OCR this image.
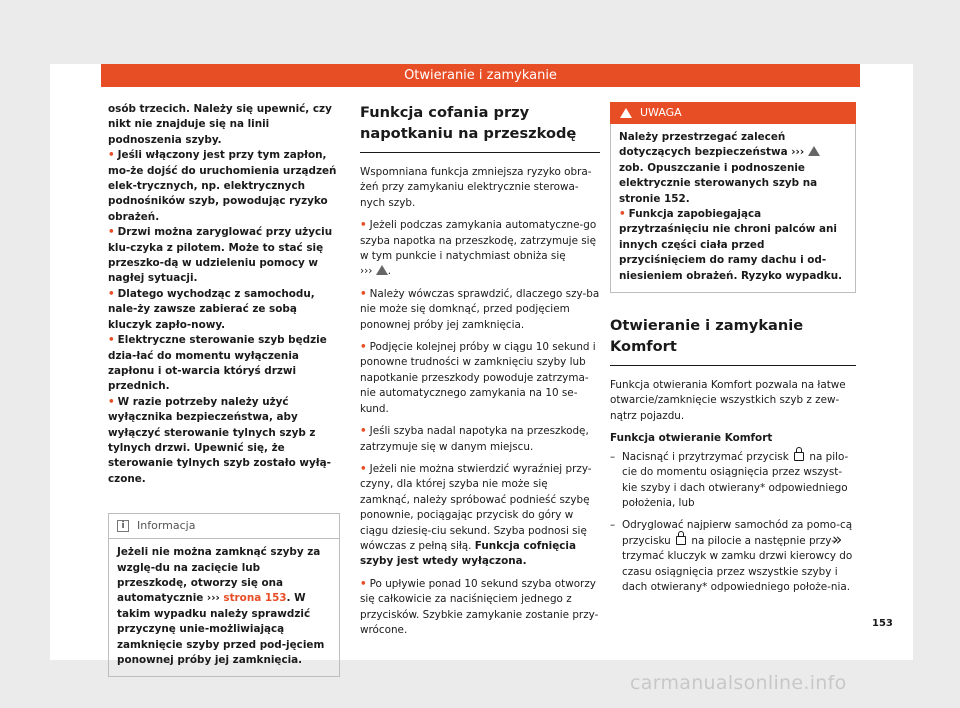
Otwieranie i zamykanie

osób trzecich. Należy się upewnić, czy nikt nie znajduje się na linii podnoszenia szyby.

• Jeśli włączony jest przy tym zapłon, mo-że dojść do uruchomienia urządzeń elek-trycznych, np. elektrycznych podnośników szyb, powodując ryzyko obrażeń.

• Drzwi można zaryglować przy użyciu klu-czyka z pilotem. Może to stać się przeszko-dą w udzieleniu pomocy w nagłej sytuacji.

• Dlatego wychodząc z samochodu, nale-ży zawsze zabierać ze sobą kluczyk zapło-nowy.

• Elektryczne sterowanie szyb będzie dzia-łać do momentu wyłączenia zapłonu i ot-warcia któryś drzwi przednich.

• W razie potrzeby należy użyć wyłącznika bezpieczeństwa, aby wyłączyć sterowanie tylnych szyb z tylnych drzwi. Upewnić się, że sterowanie tylnych szyb zostało wyłą-czone.

i	Informacja
Jeżeli nie można zamknąć szyby za wzglę-du na zacięcie lub przeszkodę, otworzy się ona automatycznie ››› strona 153. W takim wypadku należy sprawdzić przyczynę unie-możliwiającą zamknięcie szyby przed pod-jęciem ponownej próby jej zamknięcia.

Funkcja cofania przy napotkaniu na przeszkodę

Wspomniana funkcja zmniejsza ryzyko obra-żeń przy zamykaniu elektrycznie sterowa-nych szyb.

• Jeżeli podczas zamykania automatyczne-go szyba napotka na przeszkodę, zatrzymuje się w tym punkcie i natychmiast obniża się
››› .

• Należy wówczas sprawdzić, dlaczego szy-ba nie może się domknąć, przed podjęciem ponownej próby jej zamknięcia.

• Podjęcie kolejnej próby w ciągu 10 sekund i ponowne trudności w zamknięciu szyby lub napotkanie przeszkody powoduje zatrzyma-nie automatycznego zamykania na 10 se-kund.

• Jeśli szyba nadal napotyka na przeszkodę, zatrzymuje się w danym miejscu.

• Jeżeli nie można stwierdzić wyraźniej przy-czyny, dla której szyba nie może się zamknąć, należy spróbować podnieść szybę ponownie, pociągając przycisk do góry w ciągu dziesię-ciu sekund. Szyba podnosi się wówczas z pełną siłą. Funkcja cofnięcia szyby jest wtedy wyłączona.

• Po upływie ponad 10 sekund szyba otworzy się całkowicie za naciśnięciem jednego z przycisków. Szybkie zamykanie zostanie przy-wrócone.

UWAGA

Należy przestrzegać zaleceń dotyczących bezpieczeństwa ›››  zob. Opuszczanie i podnoszenie elektrycznie sterowanych szyb na stronie 152.

• Funkcja zapobiegająca przytrzaśnięciu nie chroni palców ani innych części ciała przed przyciśnięciem do ramy dachu i od-niesieniem obrażeń. Ryzyko wypadku.

Otwieranie i zamykanie Komfort

Funkcja otwierania Komfort pozwala na łatwe otwarcie/zamknięcie wszystkich szyb z zew-nątrz pojazdu.

Funkcja otwieranie Komfort

– Nacisnąć i przytrzymać przycisk na pilo-cie do momentu osiągnięcia przez wszyst-kie szyby i dach otwierany* odpowiedniego położenia, lub
– Odryglować najpierw samochód za pomo-cą przycisku na pilocie a następnie przy-trzymać kluczyk w zamku drzwi kierowcy do czasu osiągnięcia przez wszystkie szyby i dach otwierany* odpowiedniego położe-nia.
»
153
carmanualsonline.info
